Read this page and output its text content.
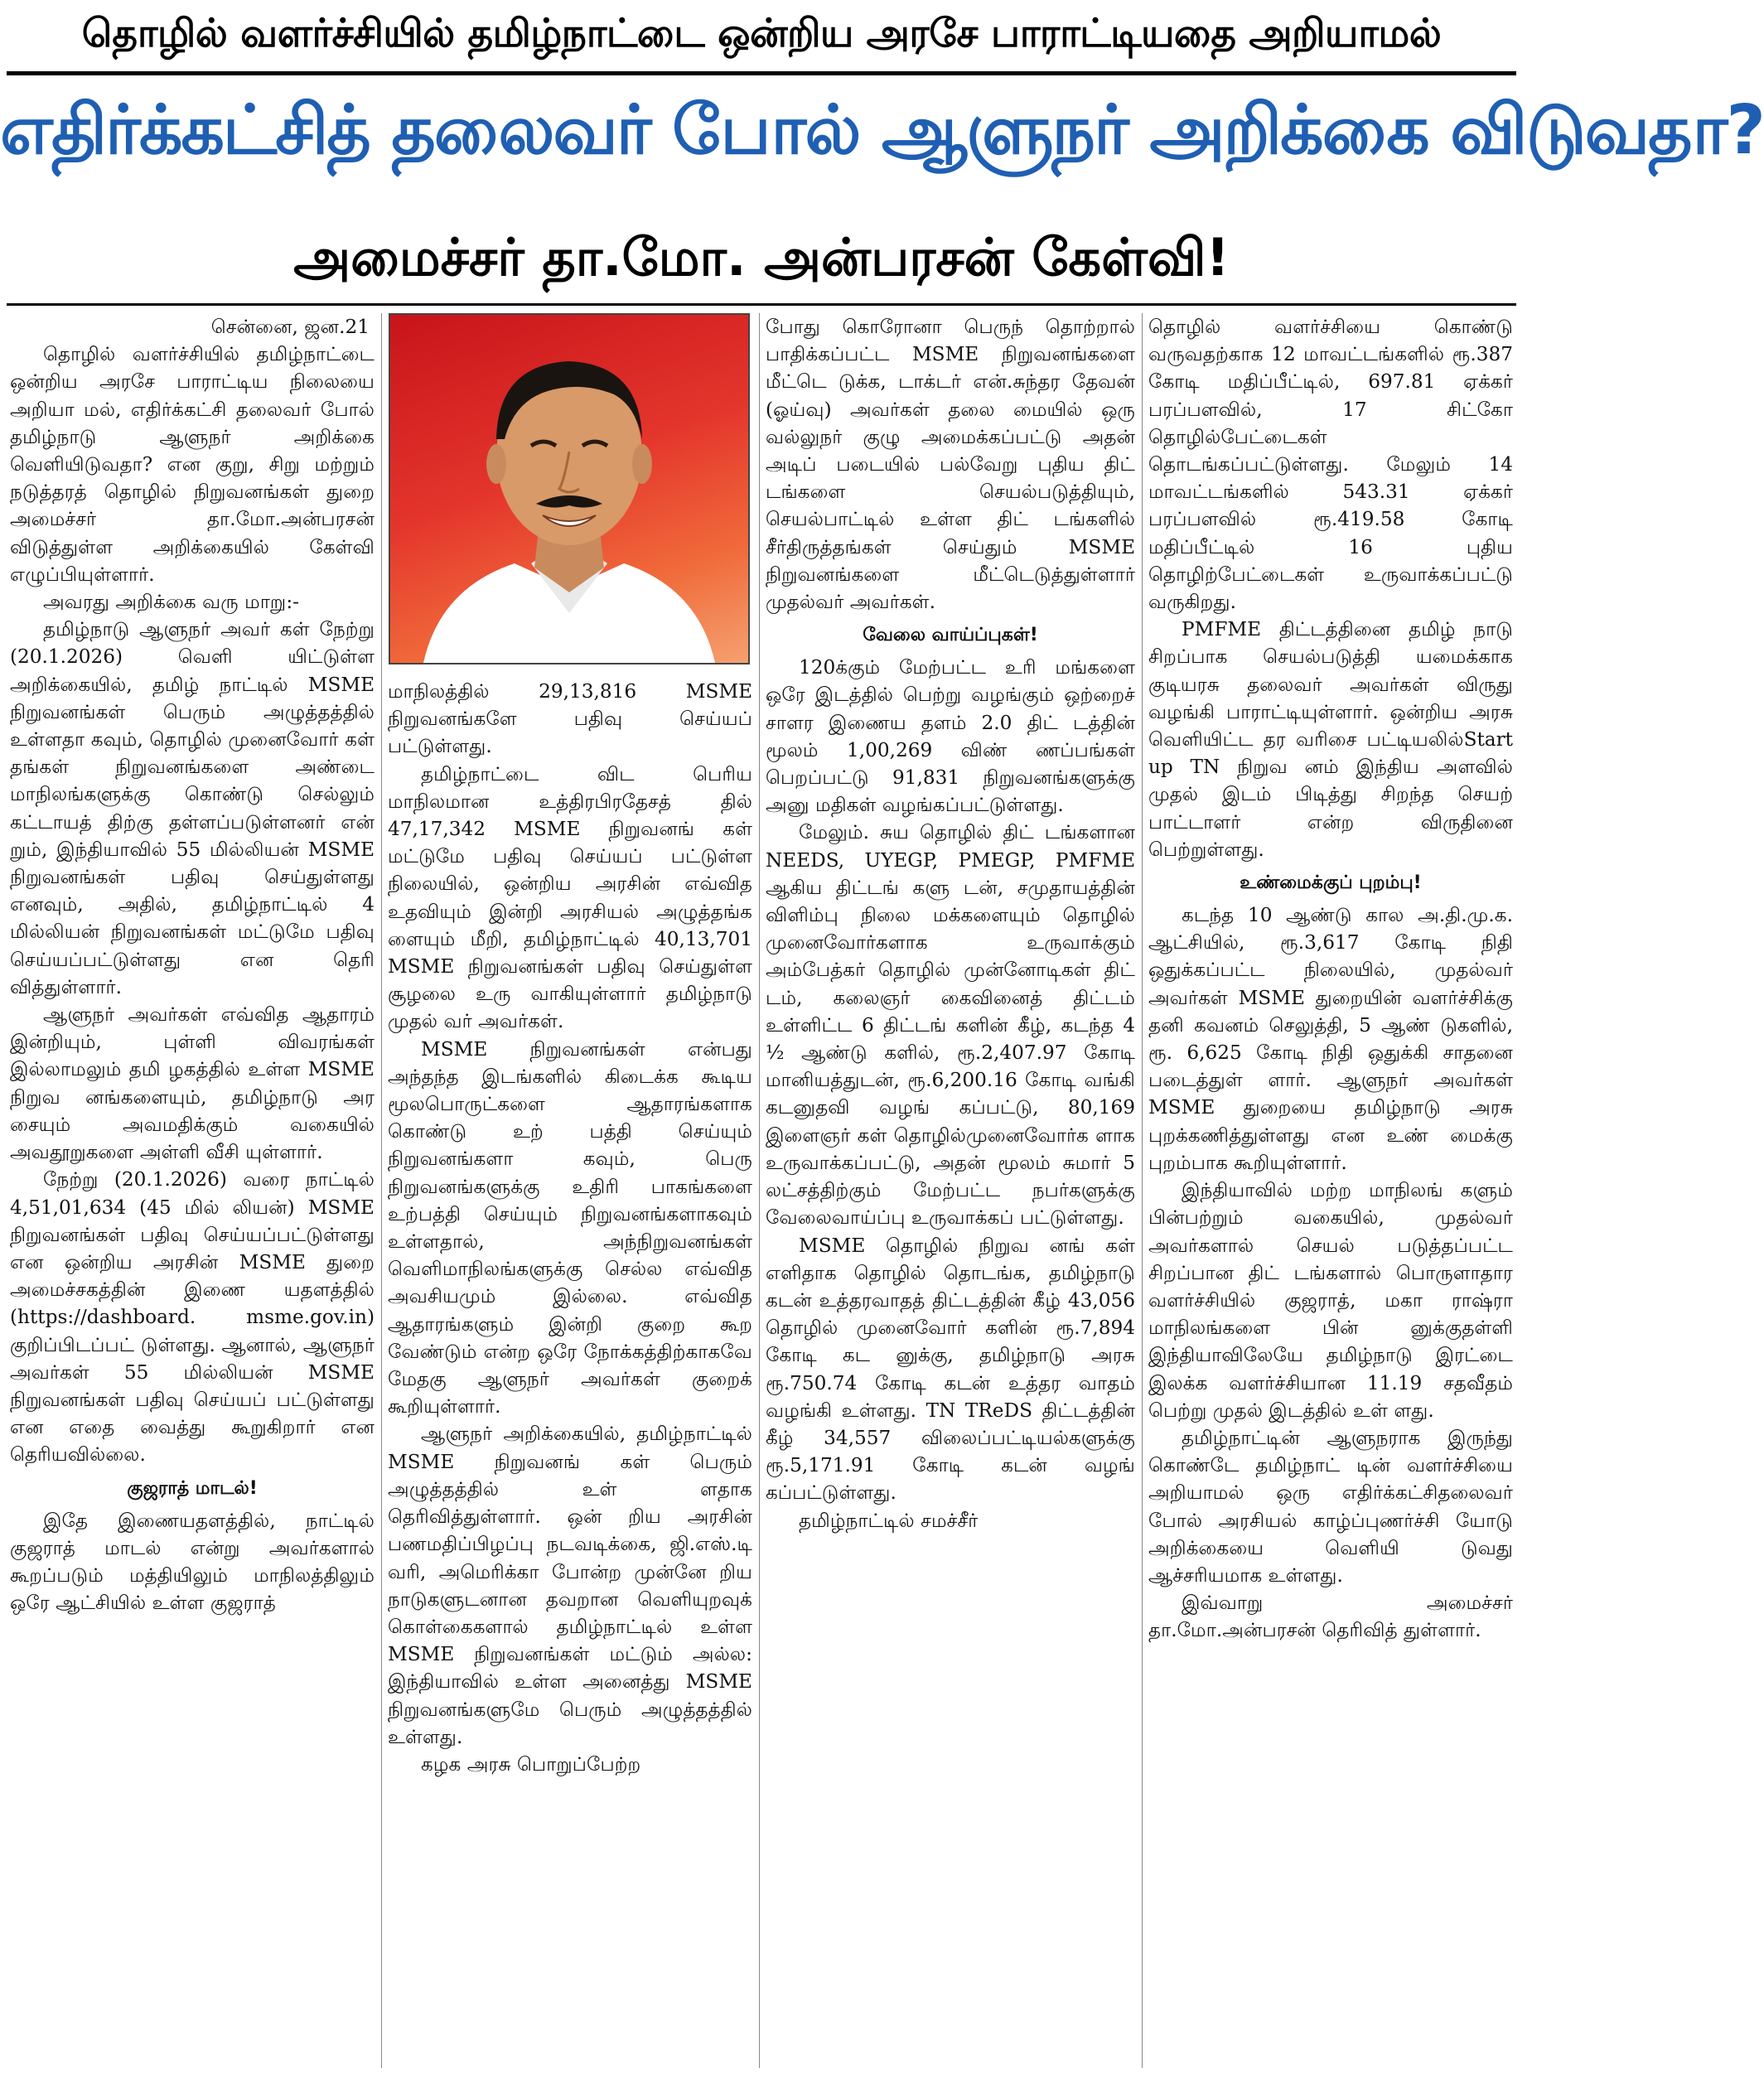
தொழில் வளர்ச்சியில் தமிழ்நாட்டை ஒன்றிய அரசே பாராட்டியதை அறியாமல்
எதிர்க்கட்சித் தலைவர் போல் ஆளுநர் அறிக்கை விடுவதா?
அமைச்சர் தா.மோ. அன்பரசன் கேள்வி!

சென்னை, ஜன.21

தொழில் வளர்ச்சியில் தமிழ்நாட்டை ஒன்றிய அரசே பாராட்டிய நிலையை அறியா மல், எதிர்க்கட்சி தலைவர் போல் தமிழ்நாடு ஆளுநர் அறிக்கை வெளியிடுவதா? என குறு, சிறு மற்றும் நடுத்தரத் தொழில் நிறுவனங்கள் துறை அமைச்சர் தா.மோ.அன்பரசன் விடுத்துள்ள அறிக்கையில் கேள்வி எழுப்பியுள்ளார்.

அவரது அறிக்கை வரு மாறு:-

தமிழ்நாடு ஆளுநர் அவர் கள் நேற்று (20.1.2026) வெளி யிட்டுள்ள அறிக்கையில், தமிழ் நாட்டில் MSME நிறுவனங்கள் பெரும் அழுத்தத்தில் உள்ளதா கவும், தொழில் முனைவோர் கள் தங்கள் நிறுவனங்களை அண்டை மாநிலங்களுக்கு கொண்டு செல்லும் கட்டாயத் திற்கு தள்ளப்படுள்ளனர் என் றும், இந்தியாவில் 55 மில்லியன் MSME நிறுவனங்கள் பதிவு செய்துள்ளது எனவும், அதில், தமிழ்நாட்டில் 4 மில்லியன் நிறுவனங்கள் மட்டுமே பதிவு செய்யப்பட்டுள்ளது என தெரி வித்துள்ளார்.

ஆளுநர் அவர்கள் எவ்வித ஆதாரம் இன்றியும், புள்ளி விவரங்கள் இல்லாமலும் தமி ழகத்தில் உள்ள MSME நிறுவ னங்களையும், தமிழ்நாடு அர சையும் அவமதிக்கும் வகையில் அவதூறுகளை அள்ளி வீசி யுள்ளார்.

நேற்று (20.1.2026) வரை நாட்டில் 4,51,01,634 (45 மில் லியன்) MSME நிறுவனங்கள் பதிவு செய்யப்பட்டுள்ளது என ஒன்றிய அரசின் MSME துறை அமைச்சகத்தின் இணை யதளத்தில் (https://dashboard. msme.gov.in) குறிப்பிடப்பட் டுள்ளது. ஆனால், ஆளுநர் அவர்கள் 55 மில்லியன் MSME நிறுவனங்கள் பதிவு செய்யப் பட்டுள்ளது என எதை வைத்து கூறுகிறார் என தெரியவில்லை.

குஜராத் மாடல்!

இதே இணையதளத்தில், நாட்டில் குஜராத் மாடல் என்று அவர்களால் கூறப்படும் மத்தியிலும் மாநிலத்திலும் ஒரே ஆட்சியில் உள்ள குஜராத்

மாநிலத்தில் 29,13,816 MSME நிறுவனங்களே பதிவு செய்யப் பட்டுள்ளது.

தமிழ்நாட்டை விட பெரிய மாநிலமான உத்திரபிரதேசத் தில் 47,17,342 MSME நிறுவனங் கள் மட்டுமே பதிவு செய்யப் பட்டுள்ள நிலையில், ஒன்றிய அரசின் எவ்வித உதவியும் இன்றி அரசியல் அழுத்தங்க ளையும் மீறி, தமிழ்நாட்டில் 40,13,701 MSME நிறுவனங்கள் பதிவு செய்துள்ள சூழலை உரு வாகியுள்ளார் தமிழ்நாடு முதல் வர் அவர்கள்.

MSME நிறுவனங்கள் என்பது அந்தந்த இடங்களில் கிடைக்க கூடிய மூலபொருட்களை ஆதாரங்களாக கொண்டு உற் பத்தி செய்யும் நிறுவனங்களா கவும், பெரு நிறுவனங்களுக்கு உதிரி பாகங்களை உற்பத்தி செய்யும் நிறுவனங்களாகவும் உள்ளதால், அந்நிறுவனங்கள் வெளிமாநிலங்களுக்கு செல்ல எவ்வித அவசியமும் இல்லை. எவ்வித ஆதாரங்களும் இன்றி குறை கூற வேண்டும் என்ற ஒரே நோக்கத்திற்காகவே மேதகு ஆளுநர் அவர்கள் குறைக் கூறியுள்ளார்.

ஆளுநர் அறிக்கையில், தமிழ்நாட்டில் MSME நிறுவனங் கள் பெரும் அழுத்தத்தில் உள் ளதாக தெரிவித்துள்ளார். ஒன் றிய அரசின் பணமதிப்பிழப்பு நடவடிக்கை, ஜி.எஸ்.டி வரி, அமெரிக்கா போன்ற முன்னே றிய நாடுகளுடனான தவறான வெளியுறவுக் கொள்கைகளால் தமிழ்நாட்டில் உள்ள MSME நிறுவனங்கள் மட்டும் அல்ல: இந்தியாவில் உள்ள அனைத்து MSME நிறுவனங்களுமே பெரும் அழுத்தத்தில் உள்ளது.

கழக அரசு பொறுப்பேற்ற

போது கொரோனா பெருந் தொற்றால் பாதிக்கப்பட்ட MSME நிறுவனங்களை மீட்டெ டுக்க, டாக்டர் என்.சுந்தர தேவன் (ஓய்வு) அவர்கள் தலை மையில் ஒரு வல்லுநர் குழு அமைக்கப்பட்டு அதன் அடிப் படையில் பல்வேறு புதிய திட் டங்களை செயல்படுத்தியும், செயல்பாட்டில் உள்ள திட் டங்களில் சீர்திருத்தங்கள் செய்தும் MSME நிறுவனங்களை மீட்டெடுத்துள்ளார் முதல்வர் அவர்கள்.

வேலை வாய்ப்புகள்!

120க்கும் மேற்பட்ட உரி மங்களை ஒரே இடத்தில் பெற்று வழங்கும் ஒற்றைச் சாளர இணைய தளம் 2.0 திட் டத்தின் மூலம் 1,00,269 விண் ணப்பங்கள் பெறப்பட்டு 91,831 நிறுவனங்களுக்கு அனு மதிகள் வழங்கப்பட்டுள்ளது.

மேலும். சுய தொழில் திட் டங்களான NEEDS, UYEGP, PMEGP, PMFME ஆகிய திட்டங் களு டன், சமுதாயத்தின் விளிம்பு நிலை மக்களையும் தொழில் முனைவோர்களாக உருவாக்கும் அம்பேத்கர் தொழில் முன்னோடிகள் திட் டம், கலைஞர் கைவினைத் திட்டம் உள்ளிட்ட 6 திட்டங் களின் கீழ், கடந்த 4 ½ ஆண்டு களில், ரூ.2,407.97 கோடி மானியத்துடன், ரூ.6,200.16 கோடி வங்கி கடனுதவி வழங் கப்பட்டு, 80,169 இளைஞர் கள் தொழில்முனைவோர்க ளாக உருவாக்கப்பட்டு, அதன் மூலம் சுமார் 5 லட்சத்திற்கும் மேற்பட்ட நபர்களுக்கு வேலைவாய்ப்பு உருவாக்கப் பட்டுள்ளது.

MSME தொழில் நிறுவ னங் கள் எளிதாக தொழில் தொடங்க, தமிழ்நாடு கடன் உத்தரவாதத் திட்டத்தின் கீழ் 43,056 தொழில் முனைவோர் களின் ரூ.7,894 கோடி கட னுக்கு, தமிழ்நாடு அரசு ரூ.750.74 கோடி கடன் உத்தர வாதம் வழங்கி உள்ளது. TN TReDS திட்டத்தின் கீழ் 34,557 விலைப்பட்டியல்களுக்கு ரூ.5,171.91 கோடி கடன் வழங் கப்பட்டுள்ளது.

தமிழ்நாட்டில் சமச்சீர்

தொழில் வளர்ச்சியை கொண்டு வருவதற்காக 12 மாவட்டங்களில் ரூ.387 கோடி மதிப்பீட்டில், 697.81 ஏக்கர் பரப்பளவில், 17 சிட்கோ தொழில்பேட்டைகள் தொடங்கப்பட்டுள்ளது. மேலும் 14 மாவட்டங்களில் 543.31 ஏக்கர் பரப்பளவில் ரூ.419.58 கோடி மதிப்பீட்டில் 16 புதிய தொழிற்பேட்டைகள் உருவாக்கப்பட்டு வருகிறது.

PMFME திட்டத்தினை தமிழ் நாடு சிறப்பாக செயல்படுத்தி யமைக்காக குடியரசு தலைவர் அவர்கள் விருது வழங்கி பாராட்டியுள்ளார். ஒன்றிய அரசு வெளியிட்ட தர வரிசை பட்டியலில்Start up TN நிறுவ னம் இந்திய அளவில் முதல் இடம் பிடித்து சிறந்த செயற் பாட்டாளர் என்ற விருதினை பெற்றுள்ளது.

உண்மைக்குப் புறம்பு!

கடந்த 10 ஆண்டு கால அ.தி.மு.க. ஆட்சியில், ரூ.3,617 கோடி நிதி ஒதுக்கப்பட்ட நிலையில், முதல்வர் அவர்கள் MSME துறையின் வளர்ச்சிக்கு தனி கவனம் செலுத்தி, 5 ஆண் டுகளில், ரூ. 6,625 கோடி நிதி ஒதுக்கி சாதனை படைத்துள் ளார். ஆளுநர் அவர்கள் MSME துறையை தமிழ்நாடு அரசு புறக்கணித்துள்ளது என உண் மைக்கு புறம்பாக கூறியுள்ளார்.

இந்தியாவில் மற்ற மாநிலங் களும் பின்பற்றும் வகையில், முதல்வர் அவர்களால் செயல் படுத்தப்பட்ட சிறப்பான திட் டங்களால் பொருளாதார வளர்ச்சியில் குஜராத், மகா ராஷ்ரா மாநிலங்களை பின் னுக்குதள்ளி இந்தியாவிலேயே தமிழ்நாடு இரட்டை இலக்க வளர்ச்சியான 11.19 சதவீதம் பெற்று முதல் இடத்தில் உள் ளது.

தமிழ்நாட்டின் ஆளுநராக இருந்து கொண்டே தமிழ்நாட் டின் வளர்ச்சியை அறியாமல் ஒரு எதிர்க்கட்சிதலைவர் போல் அரசியல் காழ்ப்புணர்ச்சி யோடு அறிக்கையை வெளியி டுவது ஆச்சரியமாக உள்ளது.

இவ்வாறு அமைச்சர் தா.மோ.அன்பரசன் தெரிவித் துள்ளார்.
